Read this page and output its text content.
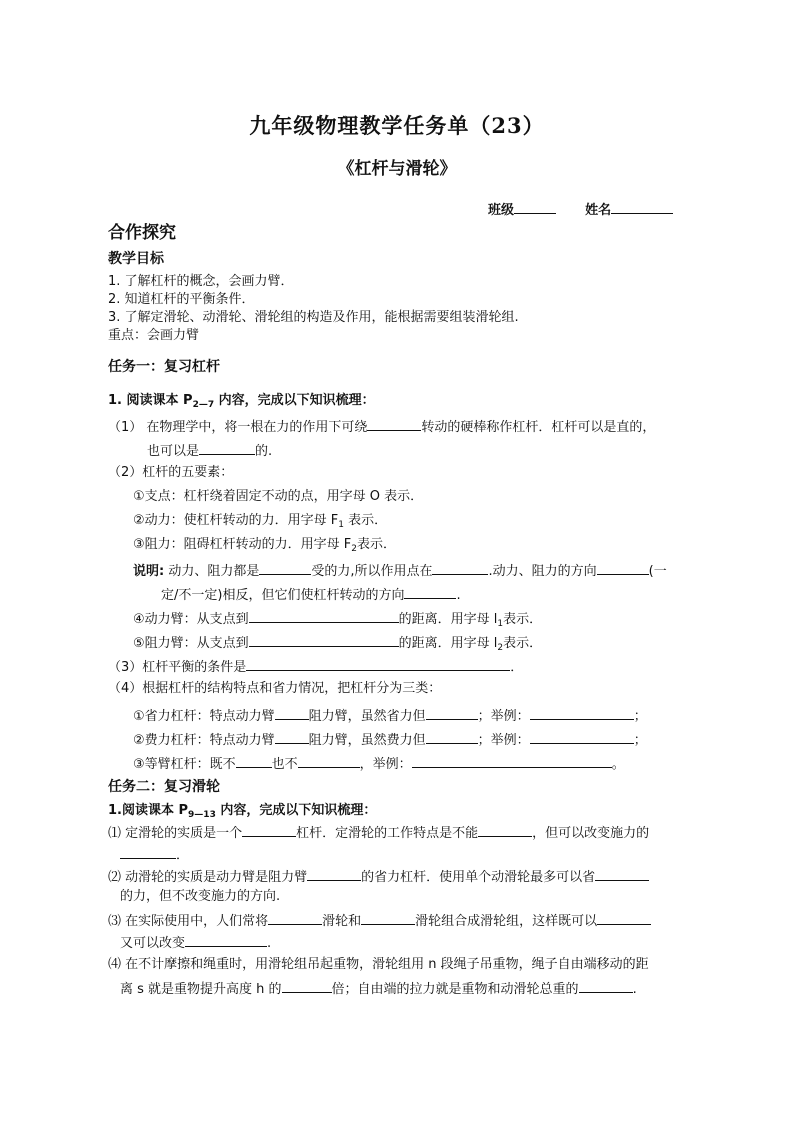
九年级物理教学任务单（23）
《杠杆与滑轮》
班级	姓名
合作探究
教学目标
1. 了解杠杆的概念，会画力臂．
2. 知道杠杆的平衡条件．
3. 了解定滑轮、动滑轮、滑轮组的构造及作用，能根据需要组装滑轮组.
重点：会画力臂
任务一：复习杠杆
1. 阅读课本 $P_{2—7}$ 内容，完成以下知识梳理：
（1） 在物理学中，将一根在力的作用下可绕	转动的硬棒称作杠杆．杠杆可以是直的，
也可以是	的.
（2）杠杆的五要素：
①支点：杠杆绕着固定不动的点，用字母 O 表示．
②动力：使杠杆转动的力．用字母 $F_1$ 表示．
③阻力：阻碍杠杆转动的力．用字母 $F_2$表示．
说明: 动力、阻力都是	受的力,所以作用点在	.动力、阻力的方向	(一
定/不一定)相反，但它们使杠杆转动的方向	.
④动力臂：从支点到	的距离．用字母 $l_1$表示．
⑤阻力臂：从支点到	的距离．用字母 $l_2$表示．
（3）杠杆平衡的条件是	．
（4）根据杠杆的结构特点和省力情况，把杠杆分为三类：
①省力杠杆：特点动力臂	阻力臂，虽然省力但	；举例：	；
②费力杠杆：特点动力臂	阻力臂，虽然费力但	；举例：	；
③等臂杠杆：既不	也不	，举例：	。
任务二：复习滑轮
1.阅读课本 $P_{9—13}$ 内容，完成以下知识梳理：
⑴ 定滑轮的实质是一个	杠杆．定滑轮的工作特点是不能	，但可以改变施力的
．
⑵ 动滑轮的实质是动力臂是阻力臂	的省力杠杆．使用单个动滑轮最多可以省
的力，但不改变施力的方向.
⑶ 在实际使用中，人们常将	滑轮和	滑轮组合成滑轮组，这样既可以
又可以改变	.
⑷ 在不计摩擦和绳重时，用滑轮组吊起重物，滑轮组用 n 段绳子吊重物，绳子自由端移动的距
离 s 就是重物提升高度 h 的	倍；自由端的拉力就是重物和动滑轮总重的	.
